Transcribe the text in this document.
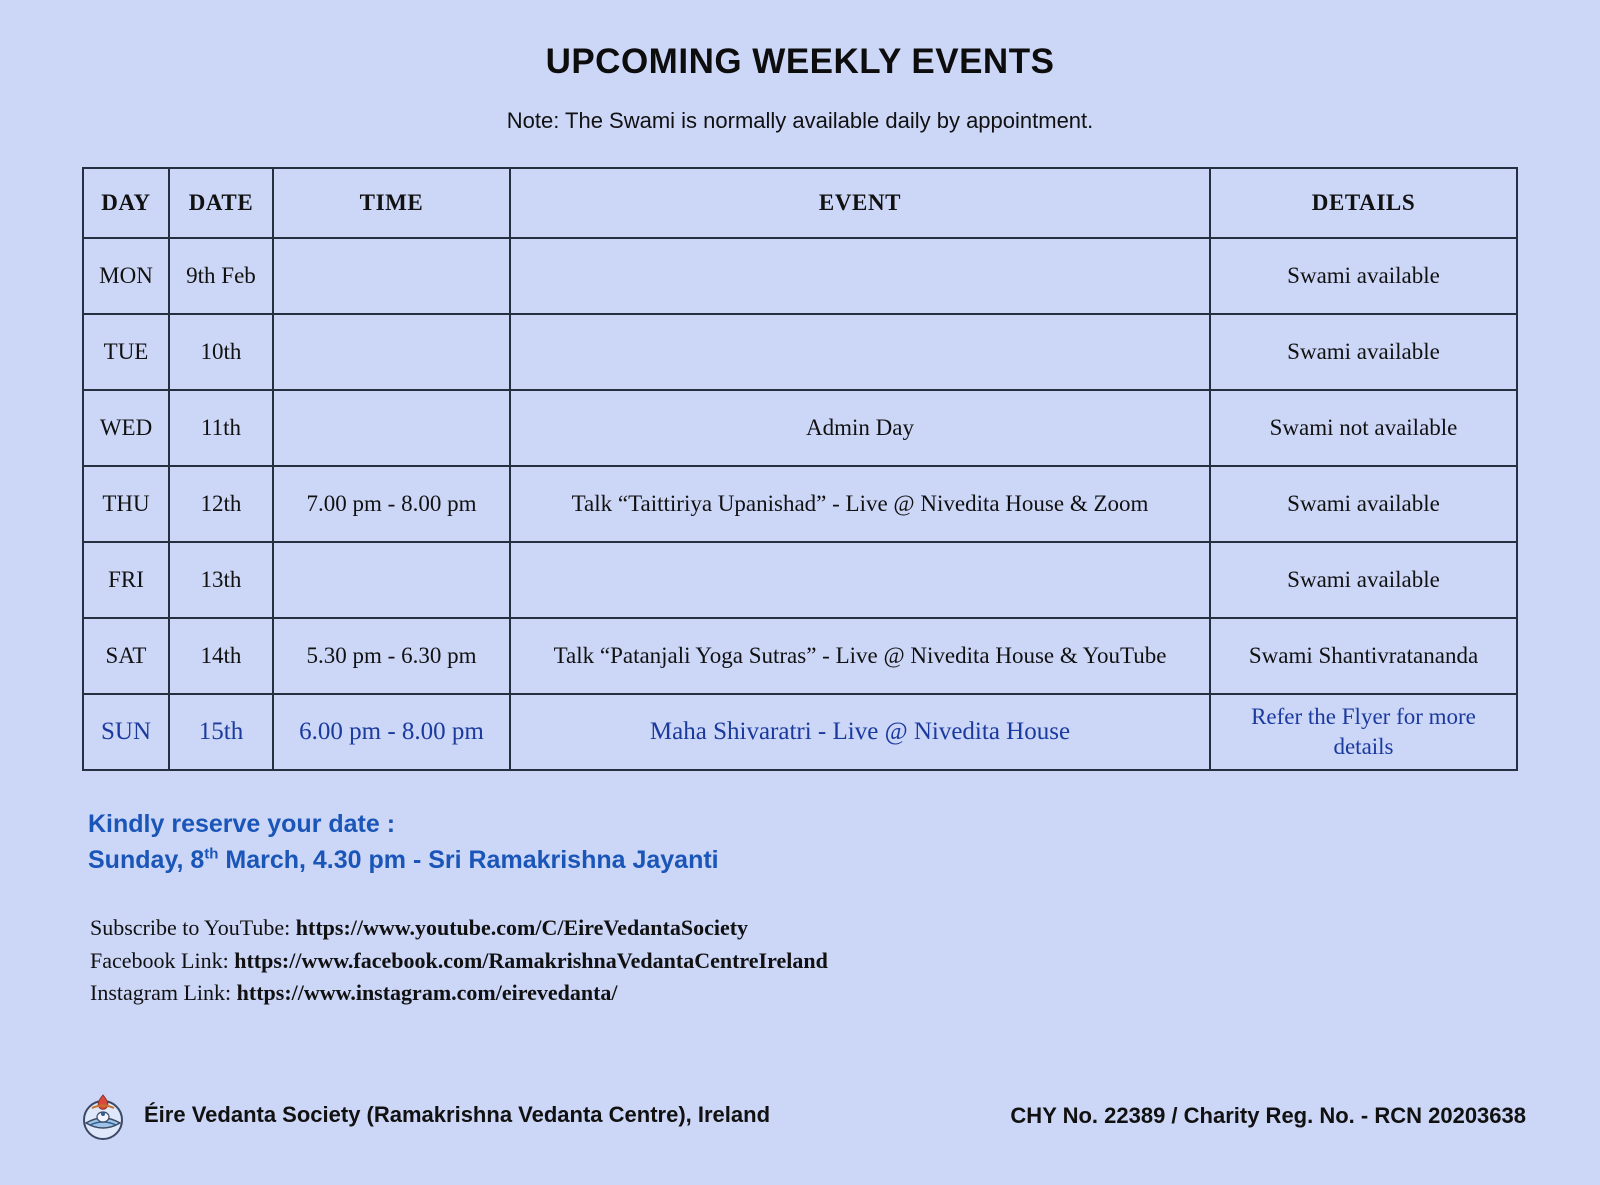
UPCOMING WEEKLY EVENTS
Note: The Swami is normally available daily by appointment.
DAY	DATE	TIME	EVENT	DETAILS
MON	9th Feb			Swami available
TUE	10th			Swami available
WED	11th		Admin Day	Swami not available
THU	12th	7.00 pm - 8.00 pm	Talk “Taittiriya Upanishad” - Live @ Nivedita House & Zoom	Swami available
FRI	13th			Swami available
SAT	14th	5.30 pm - 6.30 pm	Talk “Patanjali Yoga Sutras” - Live @ Nivedita House & YouTube	Swami Shantivratananda
SUN	15th	6.00 pm - 8.00 pm	Maha Shivaratri - Live @ Nivedita House	Refer the Flyer for more details
Kindly reserve your date :
Sunday, 8th March, 4.30 pm - Sri Ramakrishna Jayanti
Subscribe to YouTube: https://www.youtube.com/C/EireVedantaSociety
Facebook Link: https://www.facebook.com/RamakrishnaVedantaCentreIreland
Instagram Link: https://www.instagram.com/eirevedanta/
Éire Vedanta Society (Ramakrishna Vedanta Centre), Ireland	CHY No. 22389 / Charity Reg. No. - RCN 20203638
